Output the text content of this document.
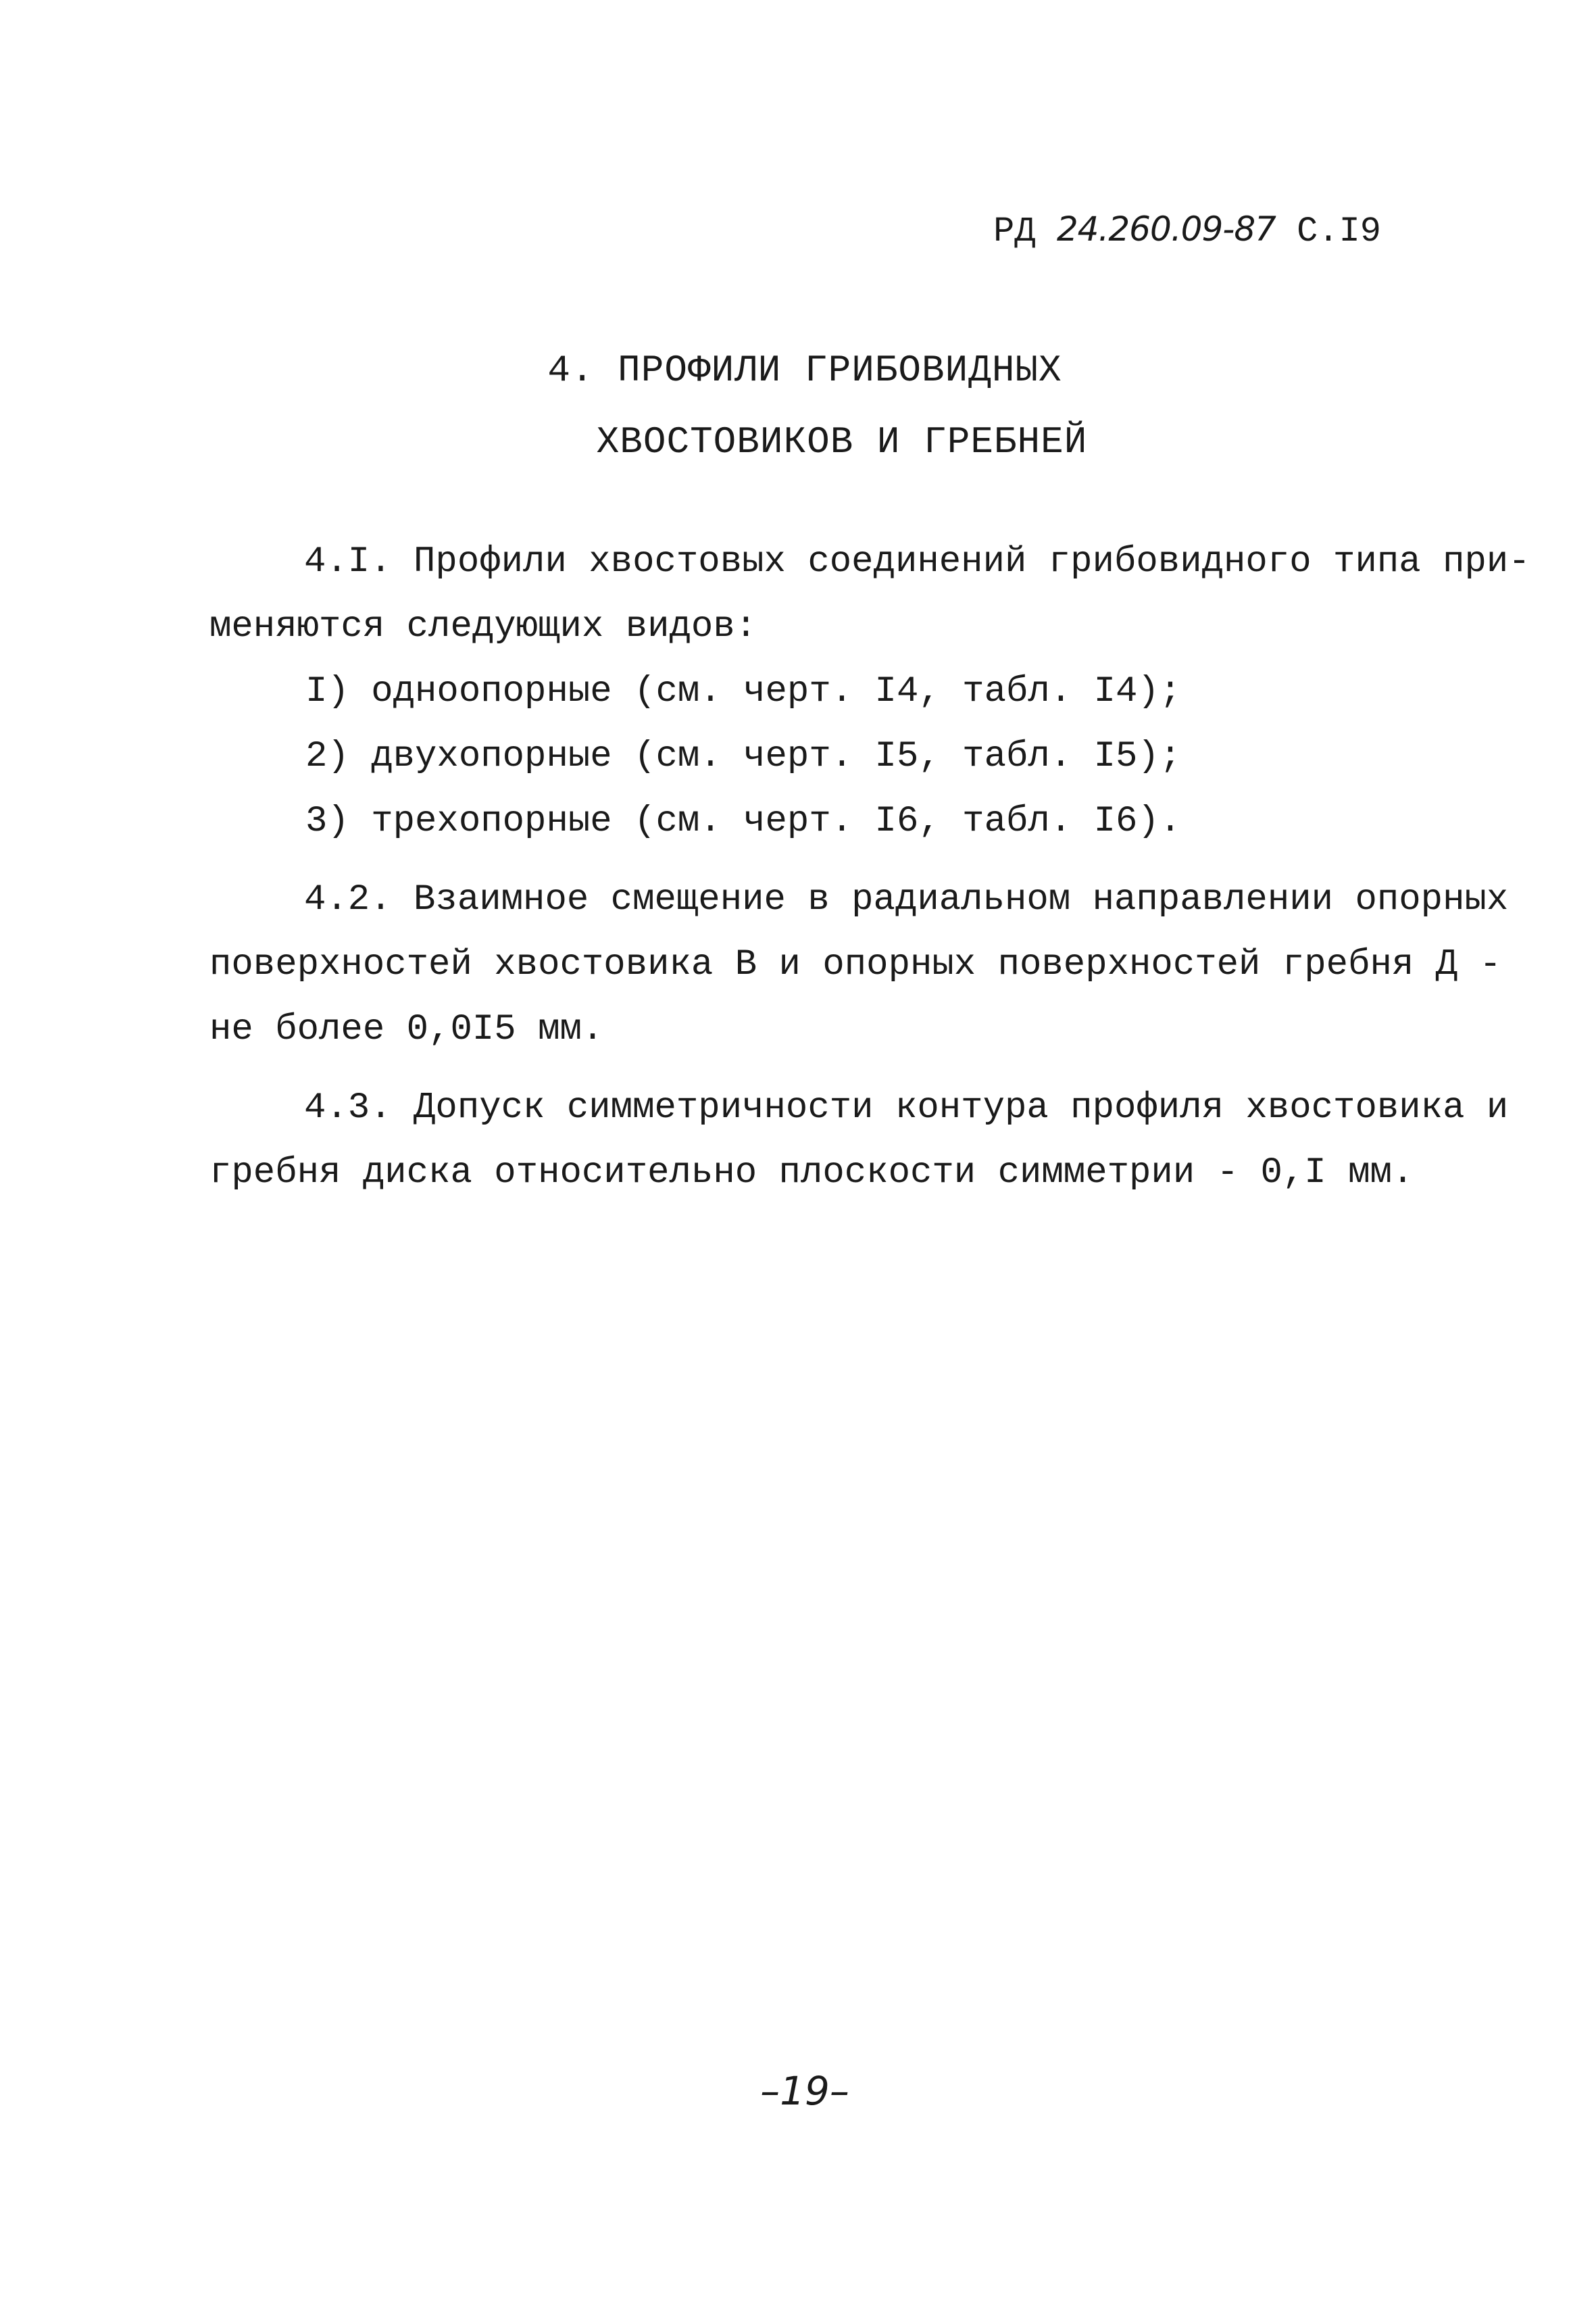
РД 24.260.09-87 С.I9
4. ПРОФИЛИ ГРИБОВИДНЫХ
ХВОСТОВИКОВ И ГРЕБНЕЙ
4.I. Профили хвостовых соединений грибовидного типа при-
меняются следующих видов:
I) одноопорные (см. черт. I4, табл. I4);
2) двухопорные (см. черт. I5, табл. I5);
3) трехопорные (см. черт. I6, табл. I6).
4.2. Взаимное смещение в радиальном направлении опорных
поверхностей хвостовика В и опорных поверхностей гребня Д -
не более 0,0I5 мм.
4.3. Допуск симметричности контура профиля хвостовика и
гребня диска относительно плоскости симметрии - 0,I мм.
–19–
